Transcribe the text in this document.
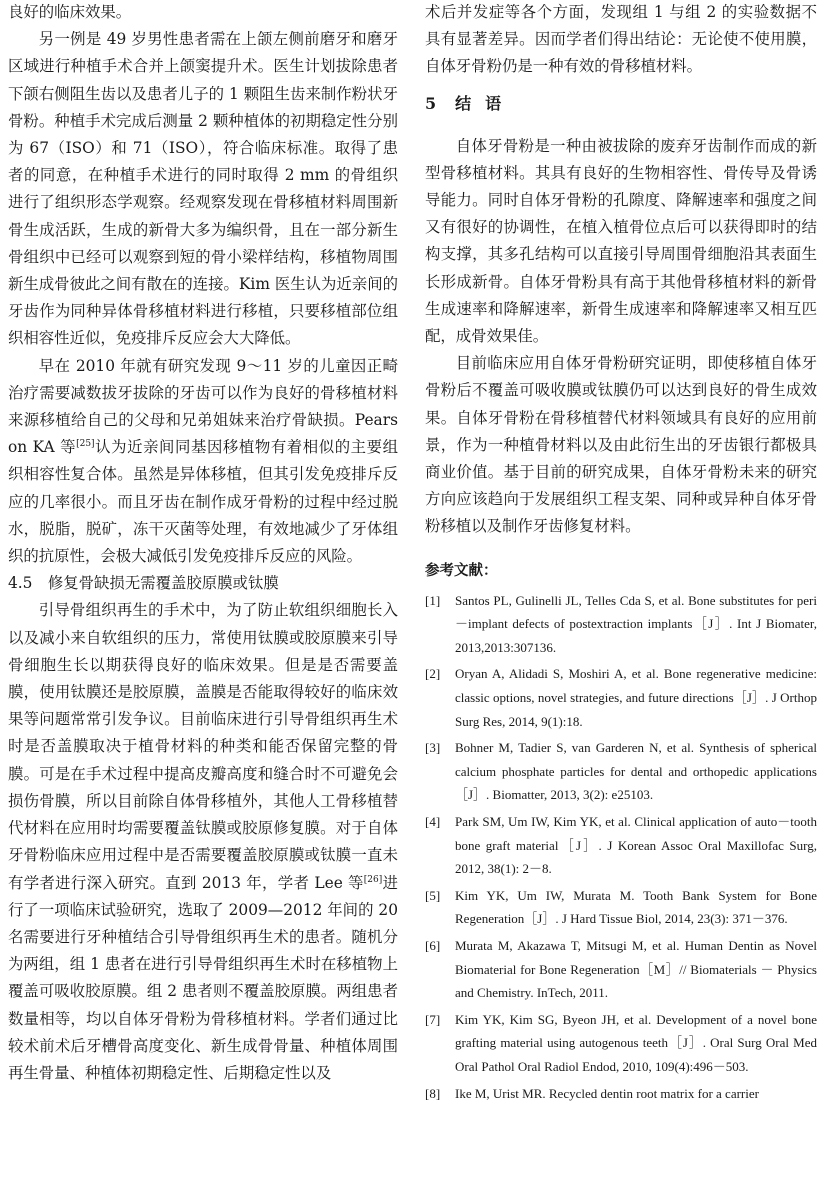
良好的临床效果。

另一例是 49 岁男性患者需在上颌左侧前磨牙和磨牙区域进行种植手术合并上颌窦提升术。医生计划拔除患者下颌右侧阻生齿以及患者儿子的 1 颗阻生齿来制作粉状牙骨粉。种植手术完成后测量 2 颗种植体的初期稳定性分别为 67（ISO）和 71（ISO），符合临床标准。取得了患者的同意，在种植手术进行的同时取得 2 mm 的骨组织进行了组织形态学观察。经观察发现在骨移植材料周围新骨生成活跃，生成的新骨大多为编织骨，且在一部分新生骨组织中已经可以观察到短的骨小梁样结构，移植物周围新生成骨彼此之间有散在的连接。Kim 医生认为近亲间的牙齿作为同种异体骨移植材料进行移植，只要移植部位组织相容性近似，免疫排斥反应会大大降低。

早在 2010 年就有研究发现 9～11 岁的儿童因正畸治疗需要减数拔牙拔除的牙齿可以作为良好的骨移植材料来源移植给自己的父母和兄弟姐妹来治疗骨缺损。Pearson KA 等[25]认为近亲间同基因移植物有着相似的主要组织相容性复合体。虽然是异体移植，但其引发免疫排斥反应的几率很小。而且牙齿在制作成牙骨粉的过程中经过脱水，脱脂，脱矿，冻干灭菌等处理，有效地减少了牙体组织的抗原性，会极大减低引发免疫排斥反应的风险。

4.5　修复骨缺损无需覆盖胶原膜或钛膜

引导骨组织再生的手术中，为了防止软组织细胞长入以及减小来自软组织的压力，常使用钛膜或胶原膜来引导骨细胞生长以期获得良好的临床效果。但是是否需要盖膜，使用钛膜还是胶原膜，盖膜是否能取得较好的临床效果等问题常常引发争议。目前临床进行引导骨组织再生术时是否盖膜取决于植骨材料的种类和能否保留完整的骨膜。可是在手术过程中提高皮瓣高度和缝合时不可避免会损伤骨膜，所以目前除自体骨移植外，其他人工骨移植替代材料在应用时均需要覆盖钛膜或胶原修复膜。对于自体牙骨粉临床应用过程中是否需要覆盖胶原膜或钛膜一直未有学者进行深入研究。直到 2013 年，学者 Lee 等[26]进行了一项临床试验研究，选取了 2009—2012 年间的 20 名需要进行牙种植结合引导骨组织再生术的患者。随机分为两组，组 1 患者在进行引导骨组织再生术时在移植物上覆盖可吸收胶原膜。组 2 患者则不覆盖胶原膜。两组患者数量相等，均以自体牙骨粉为骨移植材料。学者们通过比较术前术后牙槽骨高度变化、新生成骨骨量、种植体周围再生骨量、种植体初期稳定性、后期稳定性以及

术后并发症等各个方面，发现组 1 与组 2 的实验数据不具有显著差异。因而学者们得出结论：无论使不使用膜，自体牙骨粉仍是一种有效的骨移植材料。

5 结语

自体牙骨粉是一种由被拔除的废弃牙齿制作而成的新型骨移植材料。其具有良好的生物相容性、骨传导及骨诱导能力。同时自体牙骨粉的孔隙度、降解速率和强度之间又有很好的协调性，在植入植骨位点后可以获得即时的结构支撑，其多孔结构可以直接引导周围骨细胞沿其表面生长形成新骨。自体牙骨粉具有高于其他骨移植材料的新骨生成速率和降解速率，新骨生成速率和降解速率又相互匹配，成骨效果佳。

目前临床应用自体牙骨粉研究证明，即使移植自体牙骨粉后不覆盖可吸收膜或钛膜仍可以达到良好的骨生成效果。自体牙骨粉在骨移植替代材料领域具有良好的应用前景，作为一种植骨材料以及由此衍生出的牙齿银行都极具商业价值。基于目前的研究成果，自体牙骨粉未来的研究方向应该趋向于发展组织工程支架、同种或异种自体牙骨粉移植以及制作牙齿修复材料。

参考文献：
[1]	Santos PL, Gulinelli JL, Telles Cda S, et al. Bone substitutes for peri－implant defects of postextraction implants［J］. Int J Biomater, 2013,2013:307136.
[2]	Oryan A, Alidadi S, Moshiri A, et al. Bone regenerative medicine: classic options, novel strategies, and future directions［J］. J Orthop Surg Res, 2014, 9(1):18.
[3]	Bohner M, Tadier S, van Garderen N, et al. Synthesis of spherical calcium phosphate particles for dental and orthopedic applications［J］. Biomatter, 2013, 3(2): e25103.
[4]	Park SM, Um IW, Kim YK, et al. Clinical application of auto－tooth bone graft material［J］. J Korean Assoc Oral Maxillofac Surg, 2012, 38(1): 2－8.
[5]	Kim YK, Um IW, Murata M. Tooth Bank System for Bone Regeneration［J］. J Hard Tissue Biol, 2014, 23(3): 371－376.
[6]	Murata M, Akazawa T, Mitsugi M, et al. Human Dentin as Novel Biomaterial for Bone Regeneration［M］// Biomaterials － Physics and Chemistry. InTech, 2011.
[7]	Kim YK, Kim SG, Byeon JH, et al. Development of a novel bone grafting material using autogenous teeth［J］. Oral Surg Oral Med Oral Pathol Oral Radiol Endod, 2010, 109(4):496－503.
[8]	Ike M, Urist MR. Recycled dentin root matrix for a carrier
